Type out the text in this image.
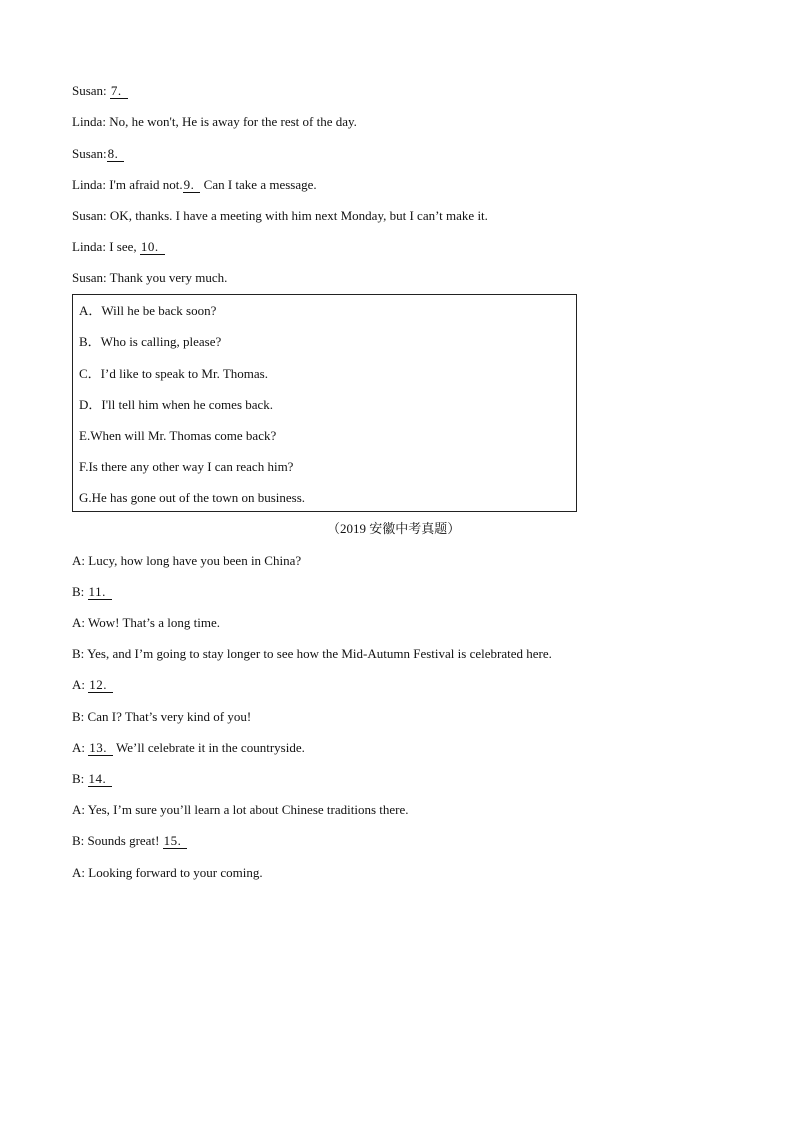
Susan: 7.
Linda: No, he won't, He is away for the rest of the day.
Susan:8.
Linda: I'm afraid not.9. Can I take a message.
Susan: OK, thanks. I have a meeting with him next Monday, but I can’t make it.
Linda: I see, 10.
Susan: Thank you very much.
A．Will he be back soon?
B．Who is calling, please?
C．I’d like to speak to Mr. Thomas.
D．I'll tell him when he comes back.
E.When will Mr. Thomas come back?
F.Is there any other way I can reach him?
G.He has gone out of the town on business.
（2019 安徽中考真题）
A: Lucy, how long have you been in China?
B: 11.
A: Wow! That’s a long time.
B: Yes, and I’m going to stay longer to see how the Mid-Autumn Festival is celebrated here.
A: 12.
B: Can I? That’s very kind of you!
A: 13. We’ll celebrate it in the countryside.
B: 14.
A: Yes, I’m sure you’ll learn a lot about Chinese traditions there.
B: Sounds great! 15.
A: Looking forward to your coming.
